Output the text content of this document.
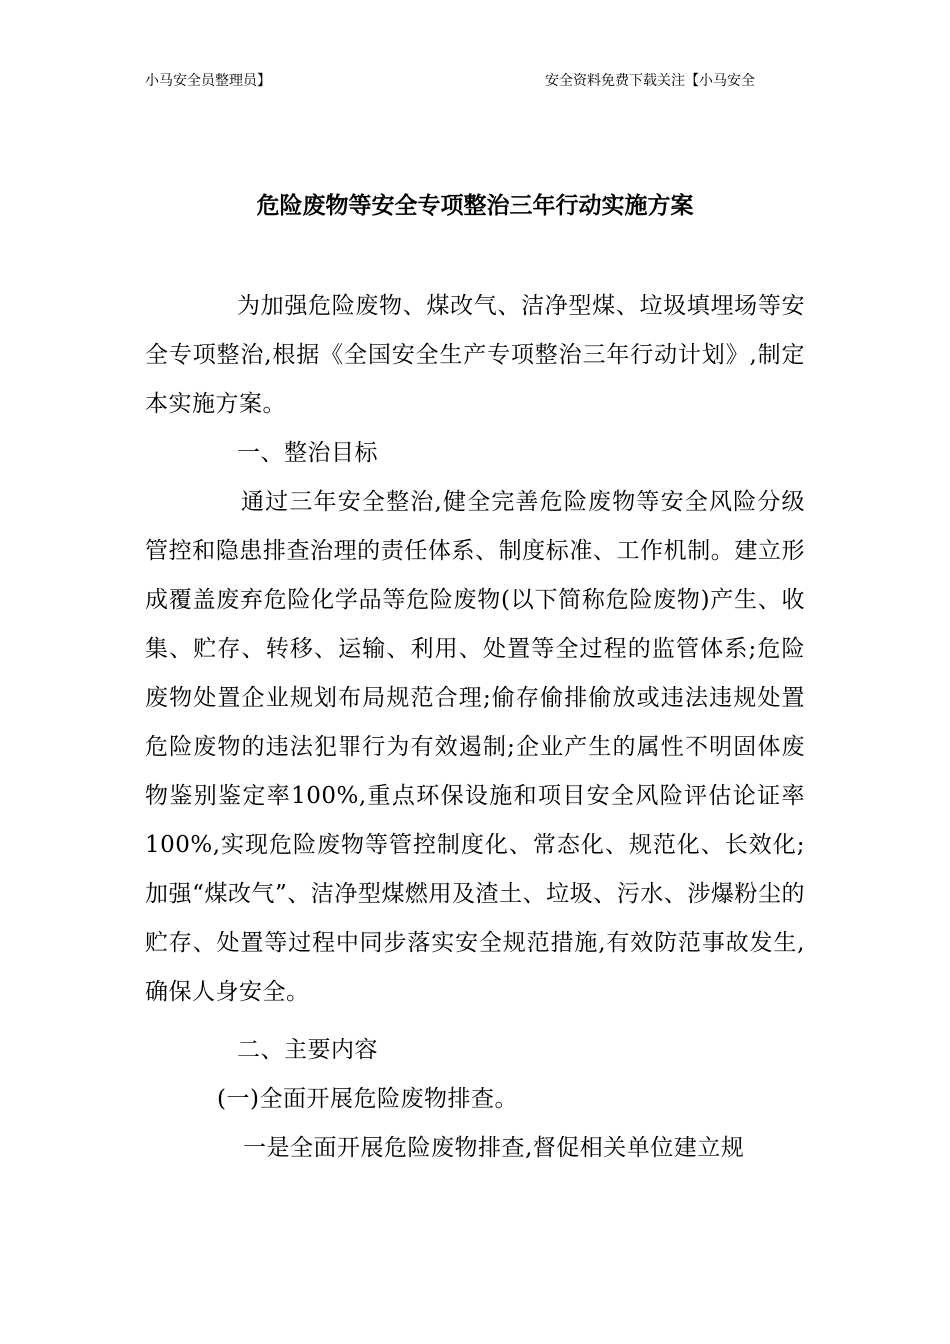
小马安全员整理员】	安全资料免费下载关注【小马安全
危险废物等安全专项整治三年行动实施方案

为加强危险废物、煤改气、洁净型煤、垃圾填埋场等安全专项整治,根据《全国安全生产专项整治三年行动计划》,制定本实施方案。

一、整治目标

通过三年安全整治,健全完善危险废物等安全风险分级管控和隐患排查治理的责任体系、制度标准、工作机制。建立形成覆盖废弃危险化学品等危险废物(以下简称危险废物)产生、收集、贮存、转移、运输、利用、处置等全过程的监管体系;危险废物处置企业规划布局规范合理;偷存偷排偷放或违法违规处置危险废物的违法犯罪行为有效遏制;企业产生的属性不明固体废物鉴别鉴定率100%,重点环保设施和项目安全风险评估论证率100%,实现危险废物等管控制度化、常态化、规范化、长效化;加强“煤改气”、洁净型煤燃用及渣土、垃圾、污水、涉爆粉尘的贮存、处置等过程中同步落实安全规范措施,有效防范事故发生,确保人身安全。

二、主要内容

(一)全面开展危险废物排查。

一是全面开展危险废物排查,督促相关单位建立规
